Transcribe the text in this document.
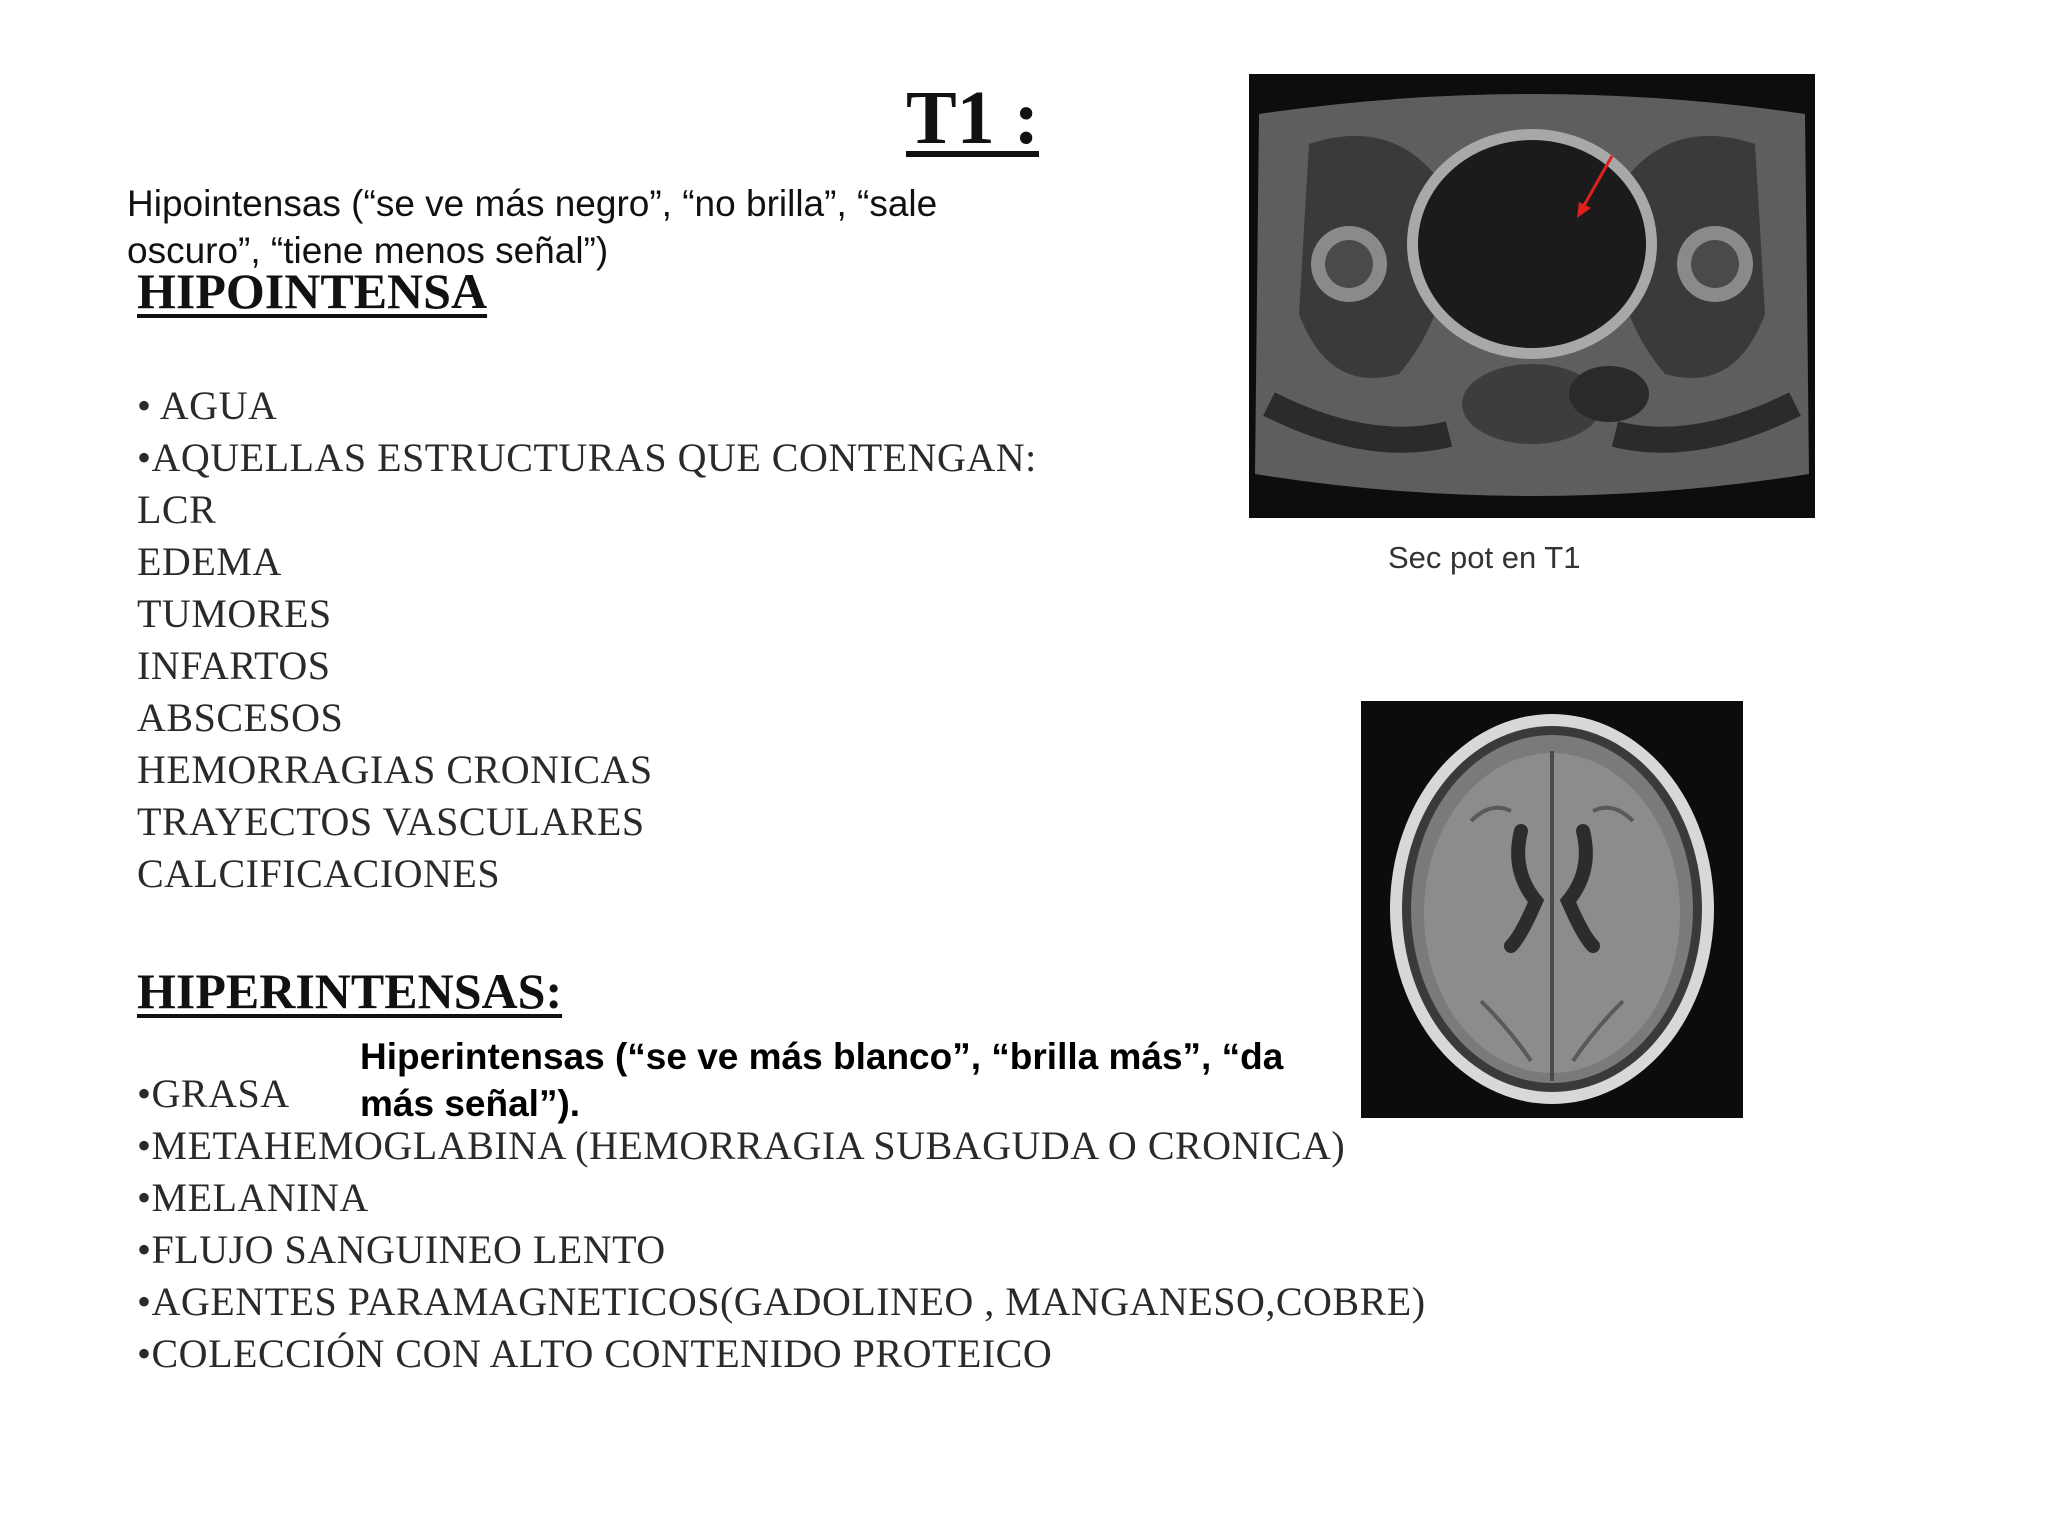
T1 :

Hipointensas (“se ve más negro”, “no brilla”, “sale oscuro”, “tiene menos señal”)

HIPOINTENSA
• AGUA
•AQUELLAS ESTRUCTURAS QUE CONTENGAN:
LCR
EDEMA
TUMORES
INFARTOS
ABSCESOS
HEMORRAGIAS CRONICAS
TRAYECTOS VASCULARES
CALCIFICACIONES
HIPERINTENSAS:
•GRASA
•METAHEMOGLABINA (HEMORRAGIA SUBAGUDA O CRONICA)
•MELANINA
•FLUJO SANGUINEO LENTO
•AGENTES PARAMAGNETICOS(GADOLINEO , MANGANESO,COBRE)
•COLECCIÓN CON ALTO CONTENIDO PROTEICO

Hiperintensas (“se ve más blanco”, “brilla más”, “da más señal”).

Sec pot en T1
